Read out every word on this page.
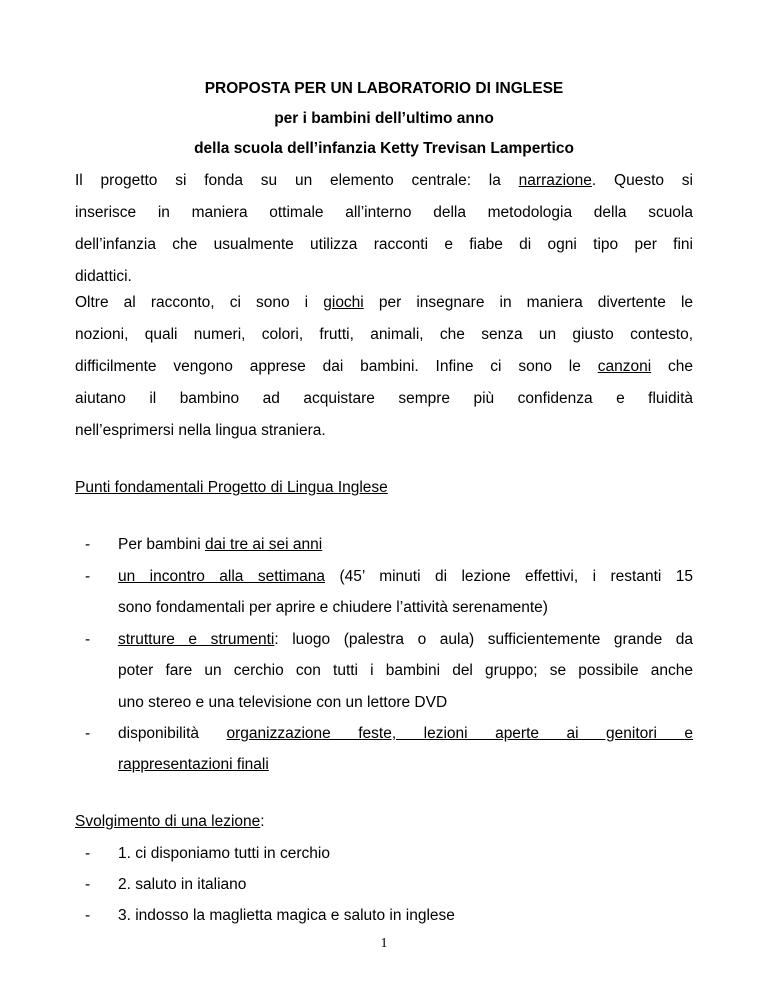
PROPOSTA PER UN LABORATORIO DI INGLESE
per i bambini dell’ultimo anno
della scuola dell’infanzia Ketty Trevisan Lampertico
Il progetto si fonda su un elemento centrale: la narrazione. Questo si
inserisce in maniera ottimale all’interno della metodologia della scuola
dell’infanzia che usualmente utilizza racconti e fiabe di ogni tipo per fini
didattici.
Oltre al racconto, ci sono i giochi per insegnare in maniera divertente le
nozioni, quali numeri, colori, frutti, animali, che senza un giusto contesto,
difficilmente vengono apprese dai bambini. Infine ci sono le canzoni che
aiutano il bambino ad acquistare sempre più confidenza e fluidità
nell’esprimersi nella lingua straniera.
Punti fondamentali Progetto di Lingua Inglese
- Per bambini dai tre ai sei anni
- un incontro alla settimana (45’ minuti di lezione effettivi, i restanti 15
sono fondamentali per aprire e chiudere l’attività serenamente)
- strutture e strumenti: luogo (palestra o aula) sufficientemente grande da
poter fare un cerchio con tutti i bambini del gruppo; se possibile anche
uno stereo e una televisione con un lettore DVD
- disponibilità organizzazione feste, lezioni aperte ai genitori e
rappresentazioni finali
Svolgimento di una lezione:
- 1. ci disponiamo tutti in cerchio
- 2. saluto in italiano
- 3. indosso la maglietta magica e saluto in inglese
1
